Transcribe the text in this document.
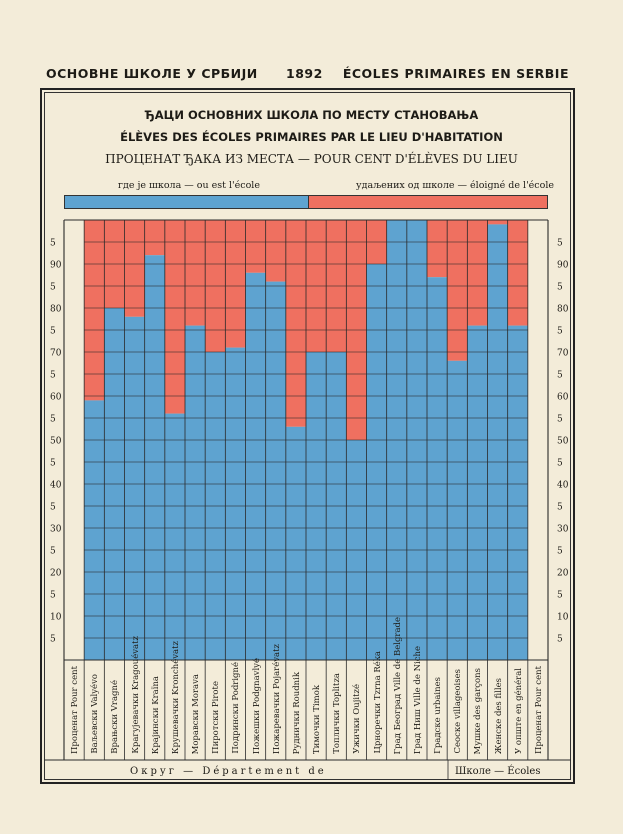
ОСНОВНЕ ШКОЛЕ У СРБИЈИ 1892 ÉCOLES PRIMAIRES EN SERBIE
ЂАЦИ ОСНОВНИХ ШКОЛА ПО МЕСТУ СТАНОВАЊА
ÉLÈVES DES ÉCOLES PRIMAIRES PAR LE LIEU D'HABITATION
ПРОЦЕНАТ ЂАКА ИЗ МЕСТА — POUR CENT D'ÉLÈVES DU LIEU
где је школа — ou est l'école	удаљених од школе — éloigné de l'école
5	5
90	90
5	5
80	80
5	5
70	70
5	5
60	60
5	5
50	50
5	5
40	40
5	5
30	30
5	5
20	20
5	5
10	10
5	5
Проценат Pour cent Ваљевски Valyévo Врањски Vragné Крагујевачки Kragouévatz Крајински Kraïna Крушевачки Kronchévatz Моравски Morava Пиротски Pirote Подрински Podrigné Пожешки Podgnavlyé Пожаревачки Pojarévatz Руднички Roudnik Тимочки Timok Топлички Toplitza Ужички Oujitzé Црноречки Tzrna Réka Град Београд Ville de Belgrade Град Ниш Ville de Niche Градске urbaines Сеоске villageoises Мушке des garçons Женске des filles У опште en général Проценат Pour cent
Округ — Département de	Школе — Écoles
